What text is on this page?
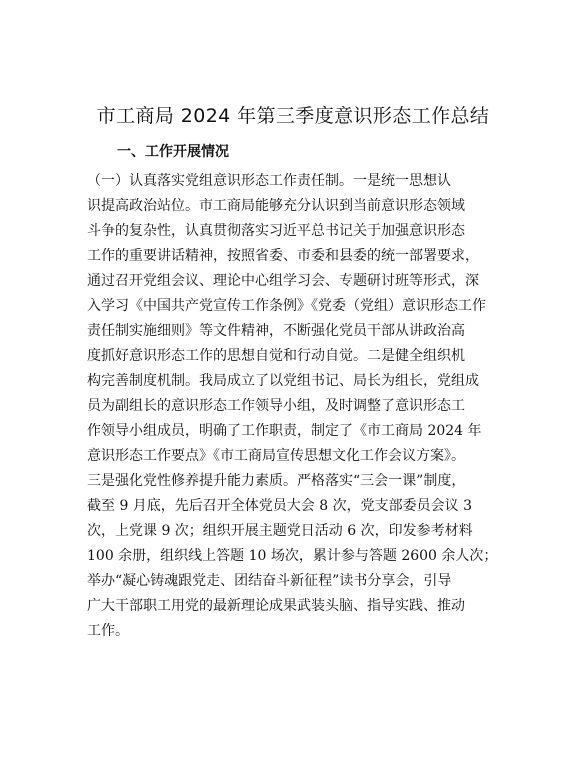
市工商局 2024 年第三季度意识形态工作总结
一、工作开展情况
（一）认真落实党组意识形态工作责任制。一是统一思想认
识提高政治站位。市工商局能够充分认识到当前意识形态领域
斗争的复杂性，认真贯彻落实习近平总书记关于加强意识形态
工作的重要讲话精神，按照省委、市委和县委的统一部署要求，
通过召开党组会议、理论中心组学习会、专题研讨班等形式，深
入学习《中国共产党宣传工作条例》《党委（党组）意识形态工作
责任制实施细则》等文件精神，不断强化党员干部从讲政治高
度抓好意识形态工作的思想自觉和行动自觉。二是健全组织机
构完善制度机制。我局成立了以党组书记、局长为组长，党组成
员为副组长的意识形态工作领导小组，及时调整了意识形态工
作领导小组成员，明确了工作职责，制定了《市工商局 2024 年
意识形态工作要点》《市工商局宣传思想文化工作会议方案》。
三是强化党性修养提升能力素质。严格落实“三会一课”制度，
截至 9 月底，先后召开全体党员大会 8 次，党支部委员会议 3
次，上党课 9 次；组织开展主题党日活动 6 次，印发参考材料
100 余册，组织线上答题 10 场次，累计参与答题 2600 余人次；
举办“凝心铸魂跟党走、团结奋斗新征程”读书分享会，引导
广大干部职工用党的最新理论成果武装头脑、指导实践、推动
工作。
